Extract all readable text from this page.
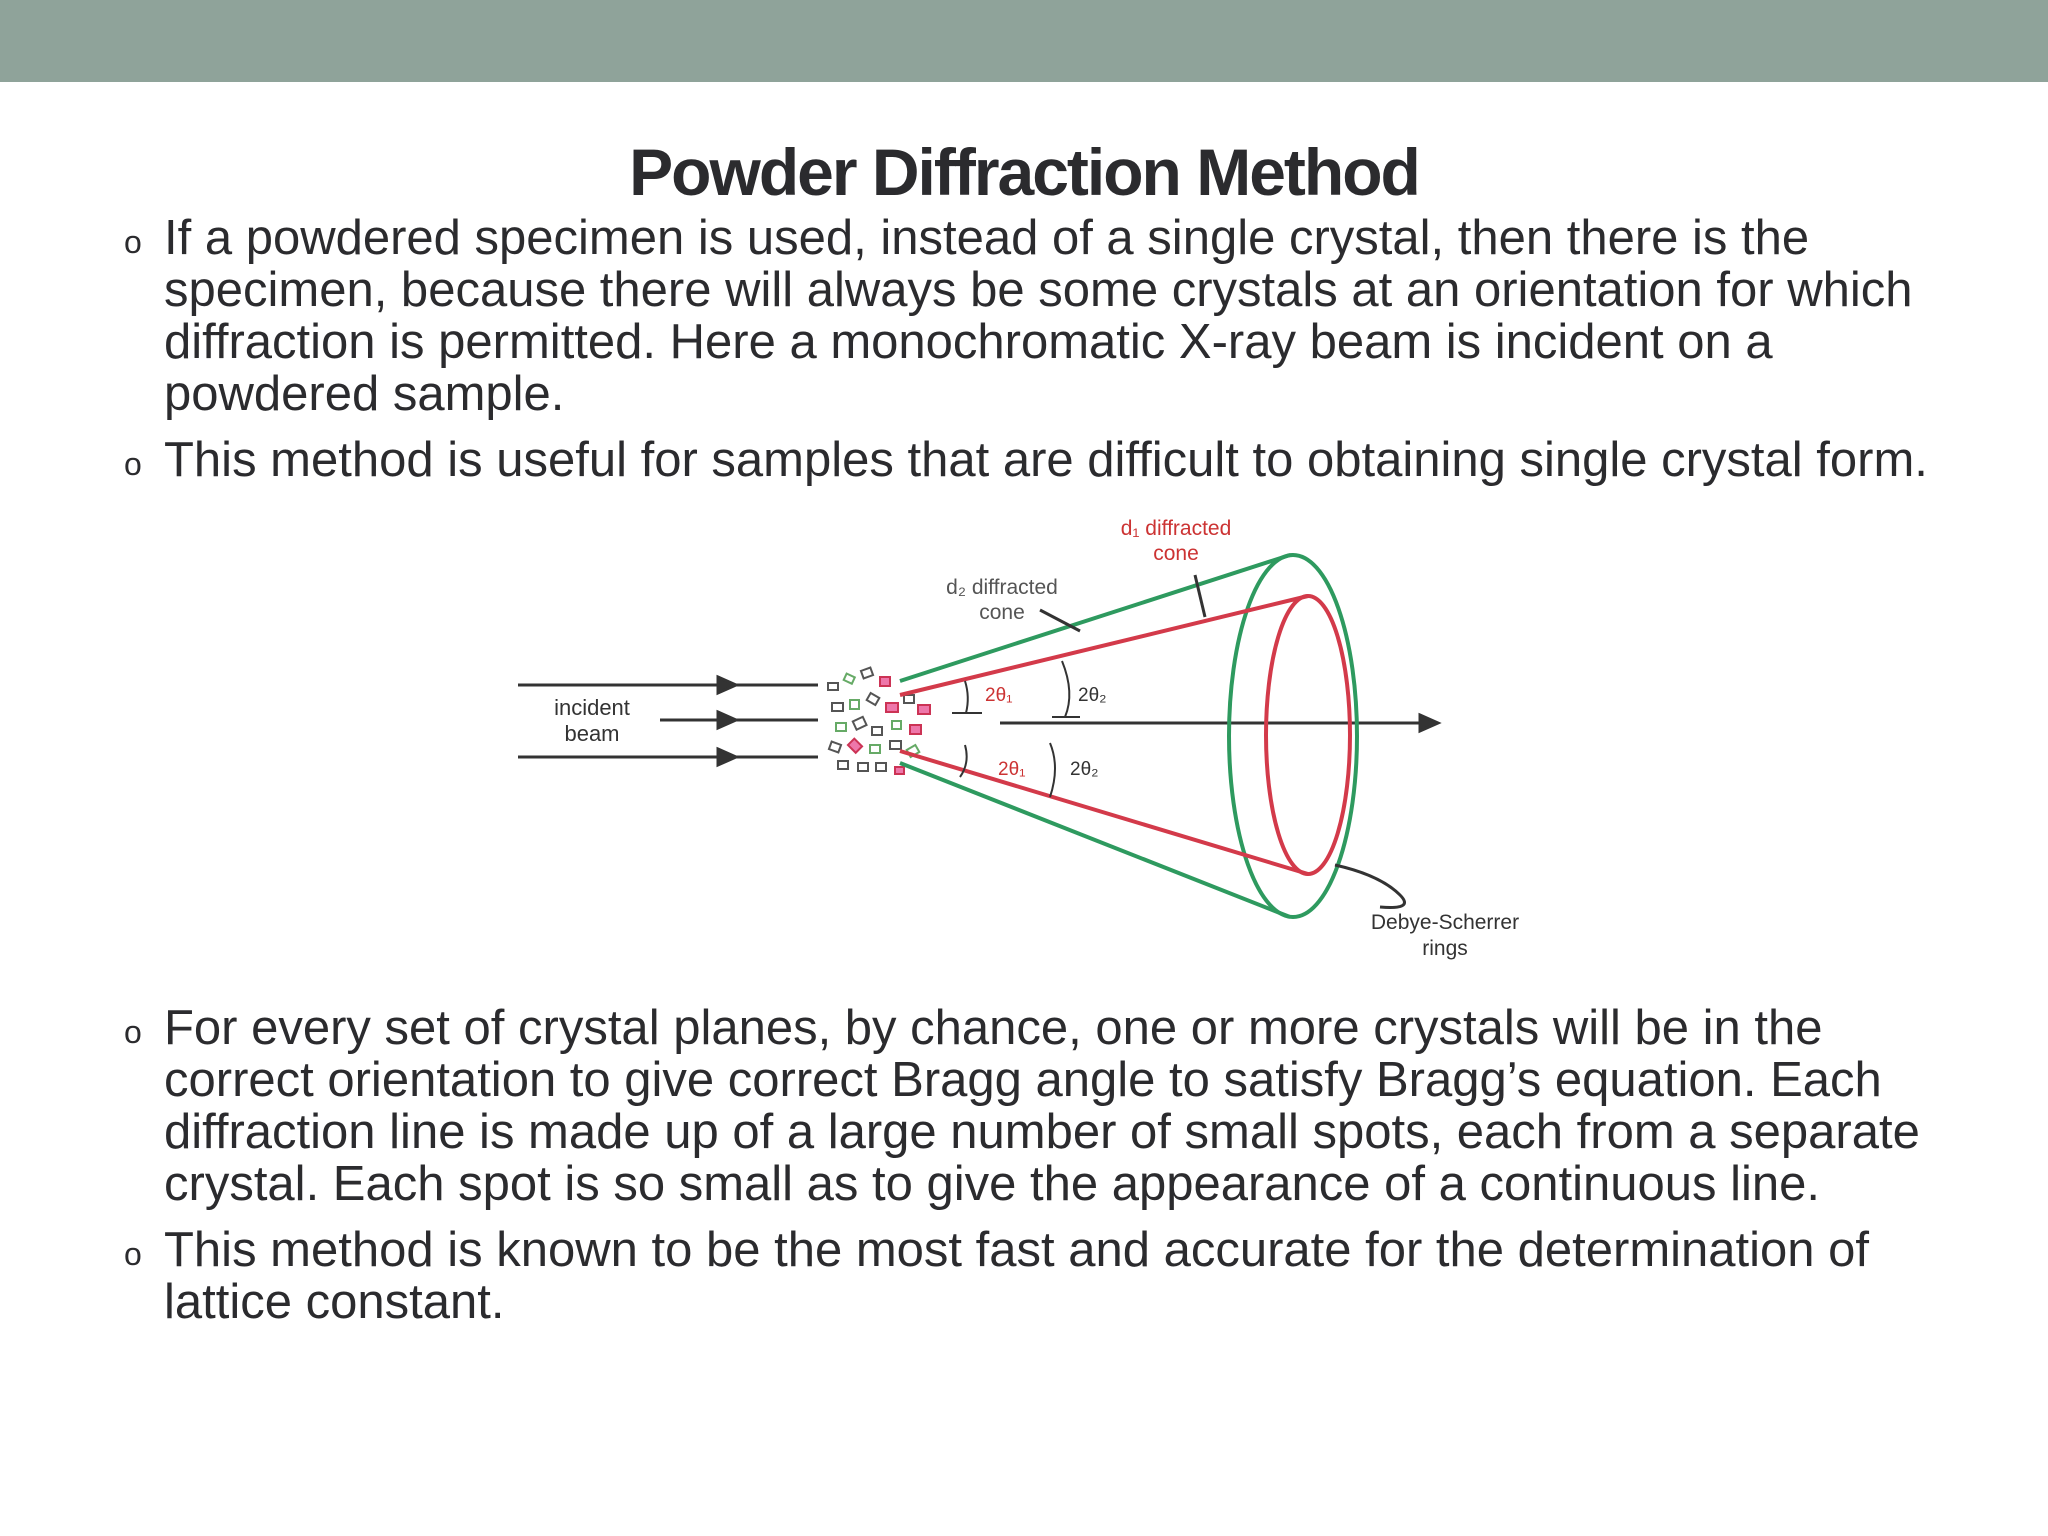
Powder Diffraction Method
o If a powdered specimen is used, instead of a single crystal, then there is the specimen, because there will always be some crystals at an orientation for which diffraction is permitted. Here a monochromatic X-ray beam is incident on a powdered sample.
o This method is useful for samples that are difficult to obtaining single crystal form.
incident
beam
2θ₁	2θ₂
2θ₁ 2θ₂
d₁ diffracted
cone
d₂ diffracted
cone
Debye-Scherrer
rings
o For every set of crystal planes, by chance, one or more crystals will be in the correct orientation to give correct Bragg angle to satisfy Bragg’s equation. Each diffraction line is made up of a large number of small spots, each from a separate crystal. Each spot is so small as to give the appearance of a continuous line.
o This method is known to be the most fast and accurate for the determination of lattice constant.
